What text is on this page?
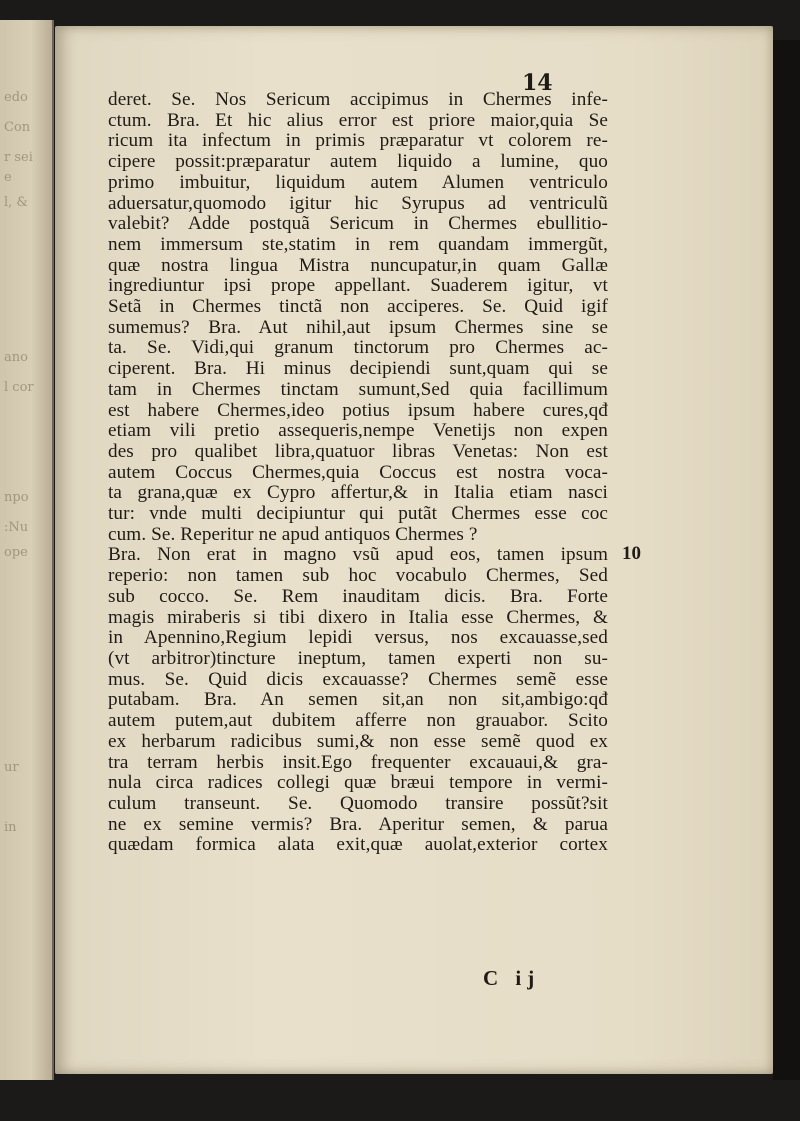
edo
Con
r sei
e
l, &
ano
l cor
npo
:Nu
ope
ur
in
14
deret. Se. Nos Sericum accipimus in Chermes infe-
ctum. Bra. Et hic alius error est priore maior,quia Se
ricum ita infectum in primis præparatur vt colorem re-
cipere possit:præparatur autem liquido a lumine, quo
primo imbuitur, liquidum autem Alumen ventriculo
aduersatur,quomodo igitur hic Syrupus ad ventriculũ
valebit? Adde postquã Sericum in Chermes ebullitio-
nem immersum ste,statim in rem quandam immergũt,
quæ nostra lingua Mistra nuncupatur,in quam Gallæ
ingrediuntur ipsi prope appellant. Suaderem igitur, vt
Setã in Chermes tinctã non acciperes. Se. Quid igif
sumemus? Bra. Aut nihil,aut ipsum Chermes sine se
ta. Se. Vidi,qui granum tinctorum pro Chermes ac-
ciperent. Bra. Hi minus decipiendi sunt,quam qui se
tam in Chermes tinctam sumunt,Sed quia facillimum
est habere Chermes,ideo potius ipsum habere cures,qđ
etiam vili pretio assequeris,nempe Venetijs non expen
des pro qualibet libra,quatuor libras Venetas: Non est
autem Coccus Chermes,quia Coccus est nostra voca-
ta grana,quæ ex Cypro affertur,& in Italia etiam nasci
tur: vnde multi decipiuntur qui putãt Chermes esse coc
cum. Se. Reperitur ne apud antiquos Chermes ?
Bra. Non erat in magno vsũ apud eos, tamen ipsum
reperio: non tamen sub hoc vocabulo Chermes, Sed
sub cocco. Se. Rem inauditam dicis. Bra. Forte
magis miraberis si tibi dixero in Italia esse Chermes, &
in Apennino,Regium lepidi versus, nos excauasse,sed
(vt arbitror)tincture ineptum, tamen experti non su-
mus. Se. Quid dicis excauasse? Chermes semẽ esse
putabam. Bra. An semen sit,an non sit,ambigo:qđ
autem putem,aut dubitem afferre non grauabor. Scito
ex herbarum radicibus sumi,& non esse semẽ quod ex
tra terram herbis insit.Ego frequenter excauaui,& gra-
nula circa radices collegi quæ bræui tempore in vermi-
culum transeunt. Se. Quomodo transire possũt?sit
ne ex semine vermis? Bra. Aperitur semen, & parua
quædam formica alata exit,quæ auolat,exterior cortex
10
C ij
